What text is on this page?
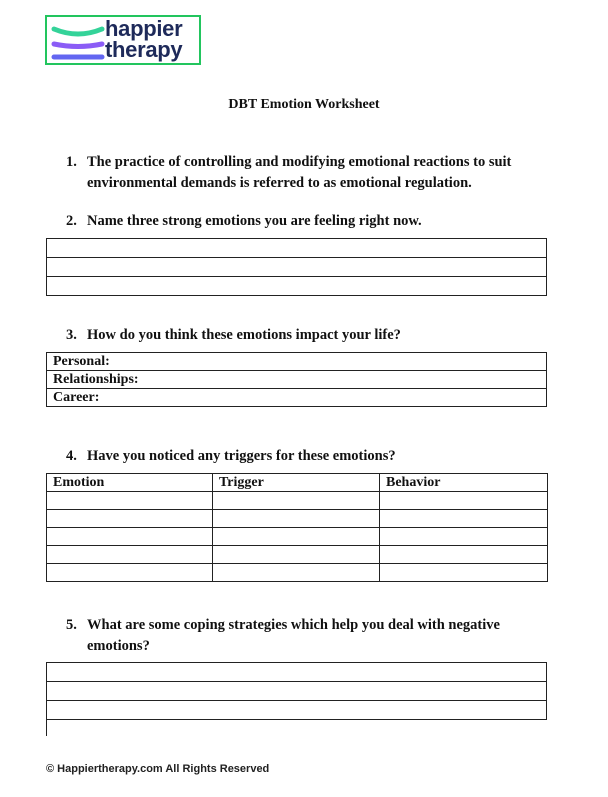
happier
therapy
DBT Emotion Worksheet
1. The practice of controlling and modifying emotional reactions to suit environmental demands is referred to as emotional regulation.
2. Name three strong emotions you are feeling right now.

3. How do you think these emotions impact your life?
Personal:
Relationships:
Career:
4. Have you noticed any triggers for these emotions?
Emotion	Trigger	Behavior

5. What are some coping strategies which help you deal with negative emotions?

© Happiertherapy.com All Rights Reserved
